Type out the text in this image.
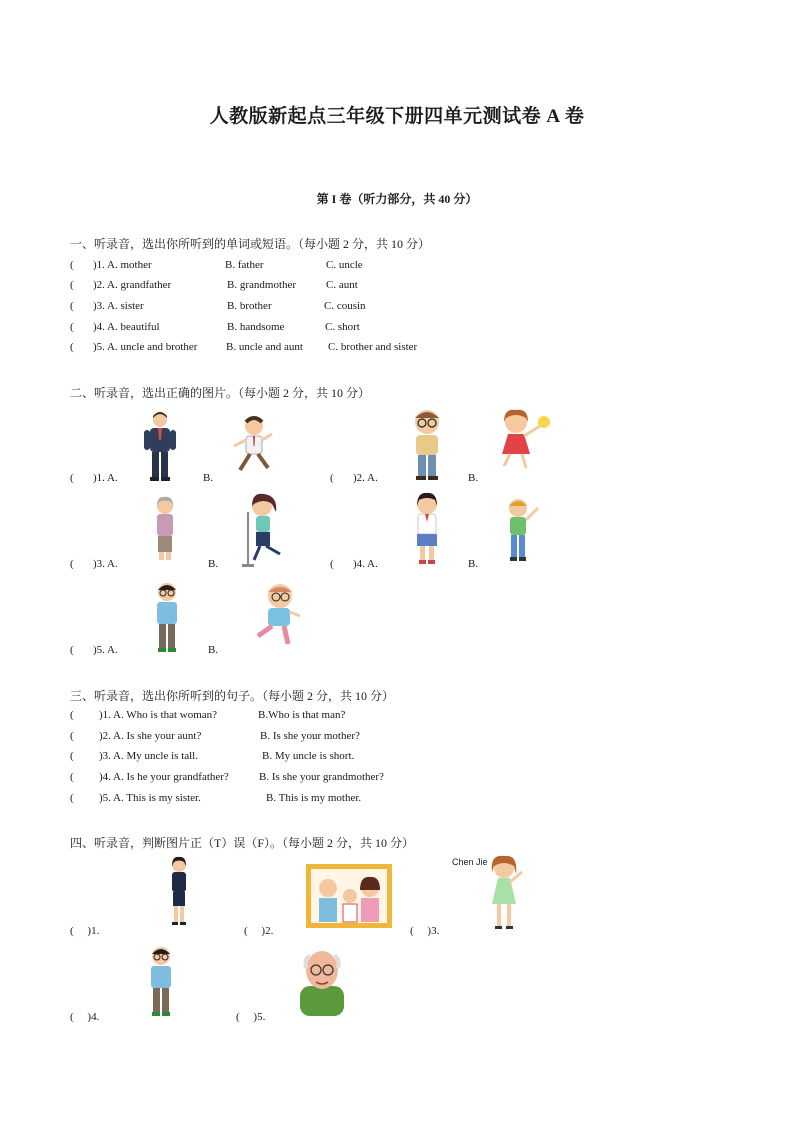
人教版新起点三年级下册四单元测试卷 A 卷
第 I 卷（听力部分，共 40 分）
一、听录音，选出你所听到的单词或短语。（每小题 2 分，共 10 分）
( )1. A. mother	B. father	C. uncle
( )2. A. grandfather	B. grandmother	C. aunt
( )3. A. sister	B. brother	C. cousin
( )4. A. beautiful	B. handsome	C. short
( )5. A. uncle and brother	B. uncle and aunt C. brother and sister
二、听录音，选出正确的图片。（每小题 2 分，共 10 分）
( )1. A.	B.	( )2. A.	B.
( )3. A.	B.	( )4. A.	B.
( )5. A.	B.
三、听录音，选出你所听到的句子。（每小题 2 分，共 10 分）
( )1. A. Who is that woman?	B.Who is that man?
( )2. A. Is she your aunt?	B. Is she your mother?
( )3. A. My uncle is tall.	B. My uncle is short.
( )4. A. Is he your grandfather?	B. Is she your grandmother?
( )5. A. This is my sister.	B. This is my mother.
四、听录音，判断图片正（T）误（F）。（每小题 2 分，共 10 分）
(　 )1.	(　 )2.	(　 )3.
(　 )4.	(　 )5.
Chen Jie
